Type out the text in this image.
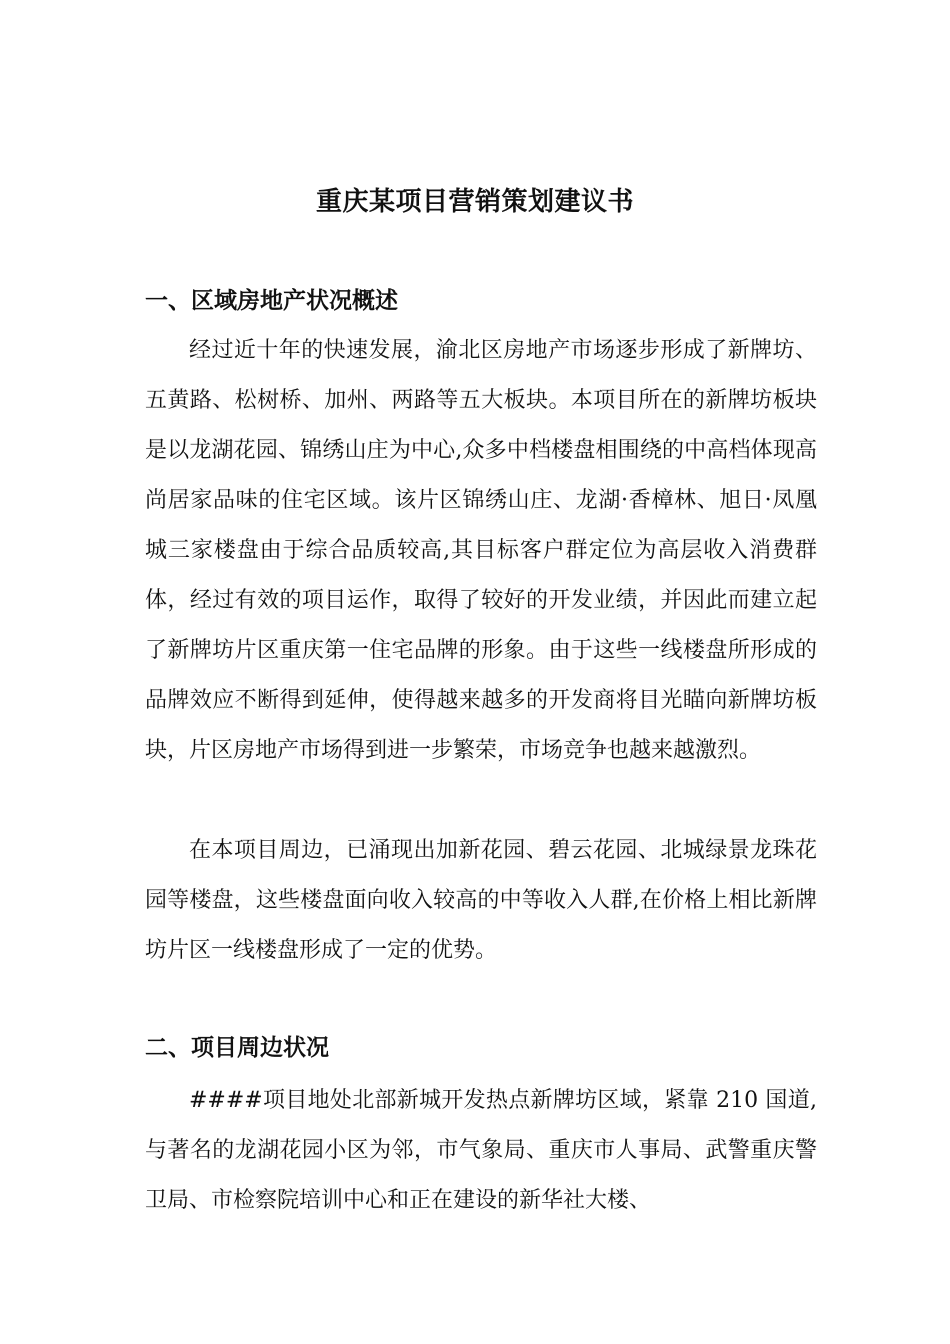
重庆某项目营销策划建议书
一、区域房地产状况概述

经过近十年的快速发展，渝北区房地产市场逐步形成了新牌坊、五黄路、松树桥、加州、两路等五大板块。本项目所在的新牌坊板块是以龙湖花园、锦绣山庄为中心,众多中档楼盘相围绕的中高档体现高尚居家品味的住宅区域。该片区锦绣山庄、龙湖·香樟林、旭日·凤凰城三家楼盘由于综合品质较高,其目标客户群定位为高层收入消费群体，经过有效的项目运作，取得了较好的开发业绩，并因此而建立起了新牌坊片区重庆第一住宅品牌的形象。由于这些一线楼盘所形成的品牌效应不断得到延伸，使得越来越多的开发商将目光瞄向新牌坊板块，片区房地产市场得到进一步繁荣，市场竞争也越来越激烈。

在本项目周边，已涌现出加新花园、碧云花园、北城绿景龙珠花园等楼盘，这些楼盘面向收入较高的中等收入人群,在价格上相比新牌坊片区一线楼盘形成了一定的优势。

二、项目周边状况

####项目地处北部新城开发热点新牌坊区域，紧靠 210 国道,与著名的龙湖花园小区为邻，市气象局、重庆市人事局、武警重庆警卫局、市检察院培训中心和正在建设的新华社大楼、
